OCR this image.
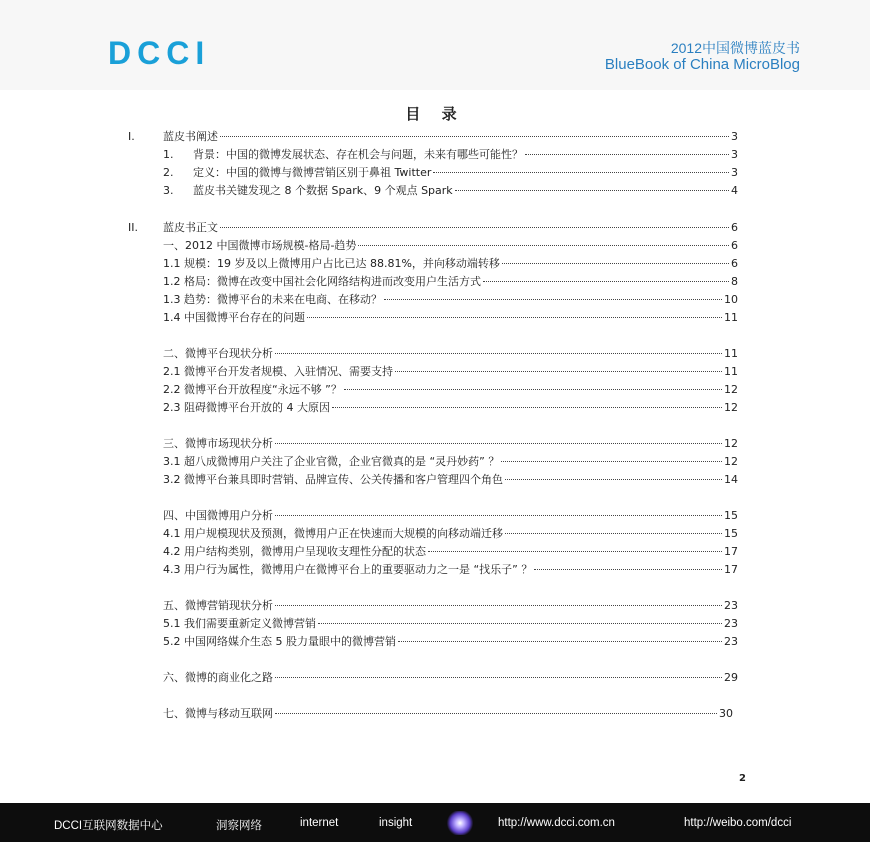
DCCI	2012中国微博蓝皮书
BlueBook of China MicroBlog
目 录
I.	蓝皮书阐述	3
1. 背景：中国的微博发展状态、存在机会与问题，未来有哪些可能性？	3
2. 定义：中国的微博与微博营销区别于鼻祖 Twitter	3
3. 蓝皮书关键发现之 8 个数据 Spark、9 个观点 Spark	4
II. 蓝皮书正文	6
一、2012 中国微博市场规模-格局-趋势	6
1.1 规模：19 岁及以上微博用户占比已达 88.81%，并向移动端转移	6
1.2 格局：微博在改变中国社会化网络结构进而改变用户生活方式	8
1.3 趋势：微博平台的未来在电商、在移动？	10
1.4 中国微博平台存在的问题	11
二、微博平台现状分析	11
2.1 微博平台开发者规模、入驻情况、需要支持	11
2.2 微博平台开放程度“永远不够 ”？	12
2.3 阻碍微博平台开放的 4 大原因	12
三、微博市场现状分析	12
3.1 超八成微博用户关注了企业官微，企业官微真的是 “灵丹妙药” ？	12
3.2 微博平台兼具即时营销、品牌宣传、公关传播和客户管理四个角色	14
四、中国微博用户分析	15
4.1 用户规模现状及预测，微博用户正在快速而大规模的向移动端迁移	15
4.2 用户结构类别，微博用户呈现收支理性分配的状态	17
4.3 用户行为属性，微博用户在微博平台上的重要驱动力之一是 “找乐子” ？	17
五、微博营销现状分析	23
5.1 我们需要重新定义微博营销	23
5.2 中国网络媒介生态 5 股力量眼中的微博营销	23
六、微博的商业化之路	29
七、微博与移动互联网	30
2
DCCI互联网数据中心	洞察网络	internet	insight	http://www.dcci.com.cn	http://weibo.com/dcci
